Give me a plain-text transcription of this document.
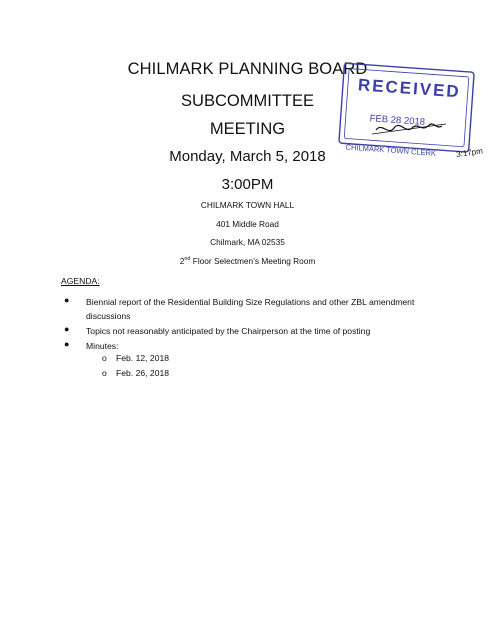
CHILMARK PLANNING BOARD
SUBCOMMITTEE
MEETING
Monday, March 5, 2018
3:00PM
CHILMARK TOWN HALL
401 Middle Road
Chilmark, MA 02535
2nd Floor Selectmen’s Meeting Room
AGENDA:
● Biennial report of the Residential Building Size Regulations and other ZBL amendment
discussions
● Topics not reasonably anticipated by the Chairperson at the time of posting
● Minutes:
o Feb. 12, 2018
o Feb. 26, 2018
RECEIVED
FEB 28 2018
CHILMARK TOWN CLERK 3:17pm
